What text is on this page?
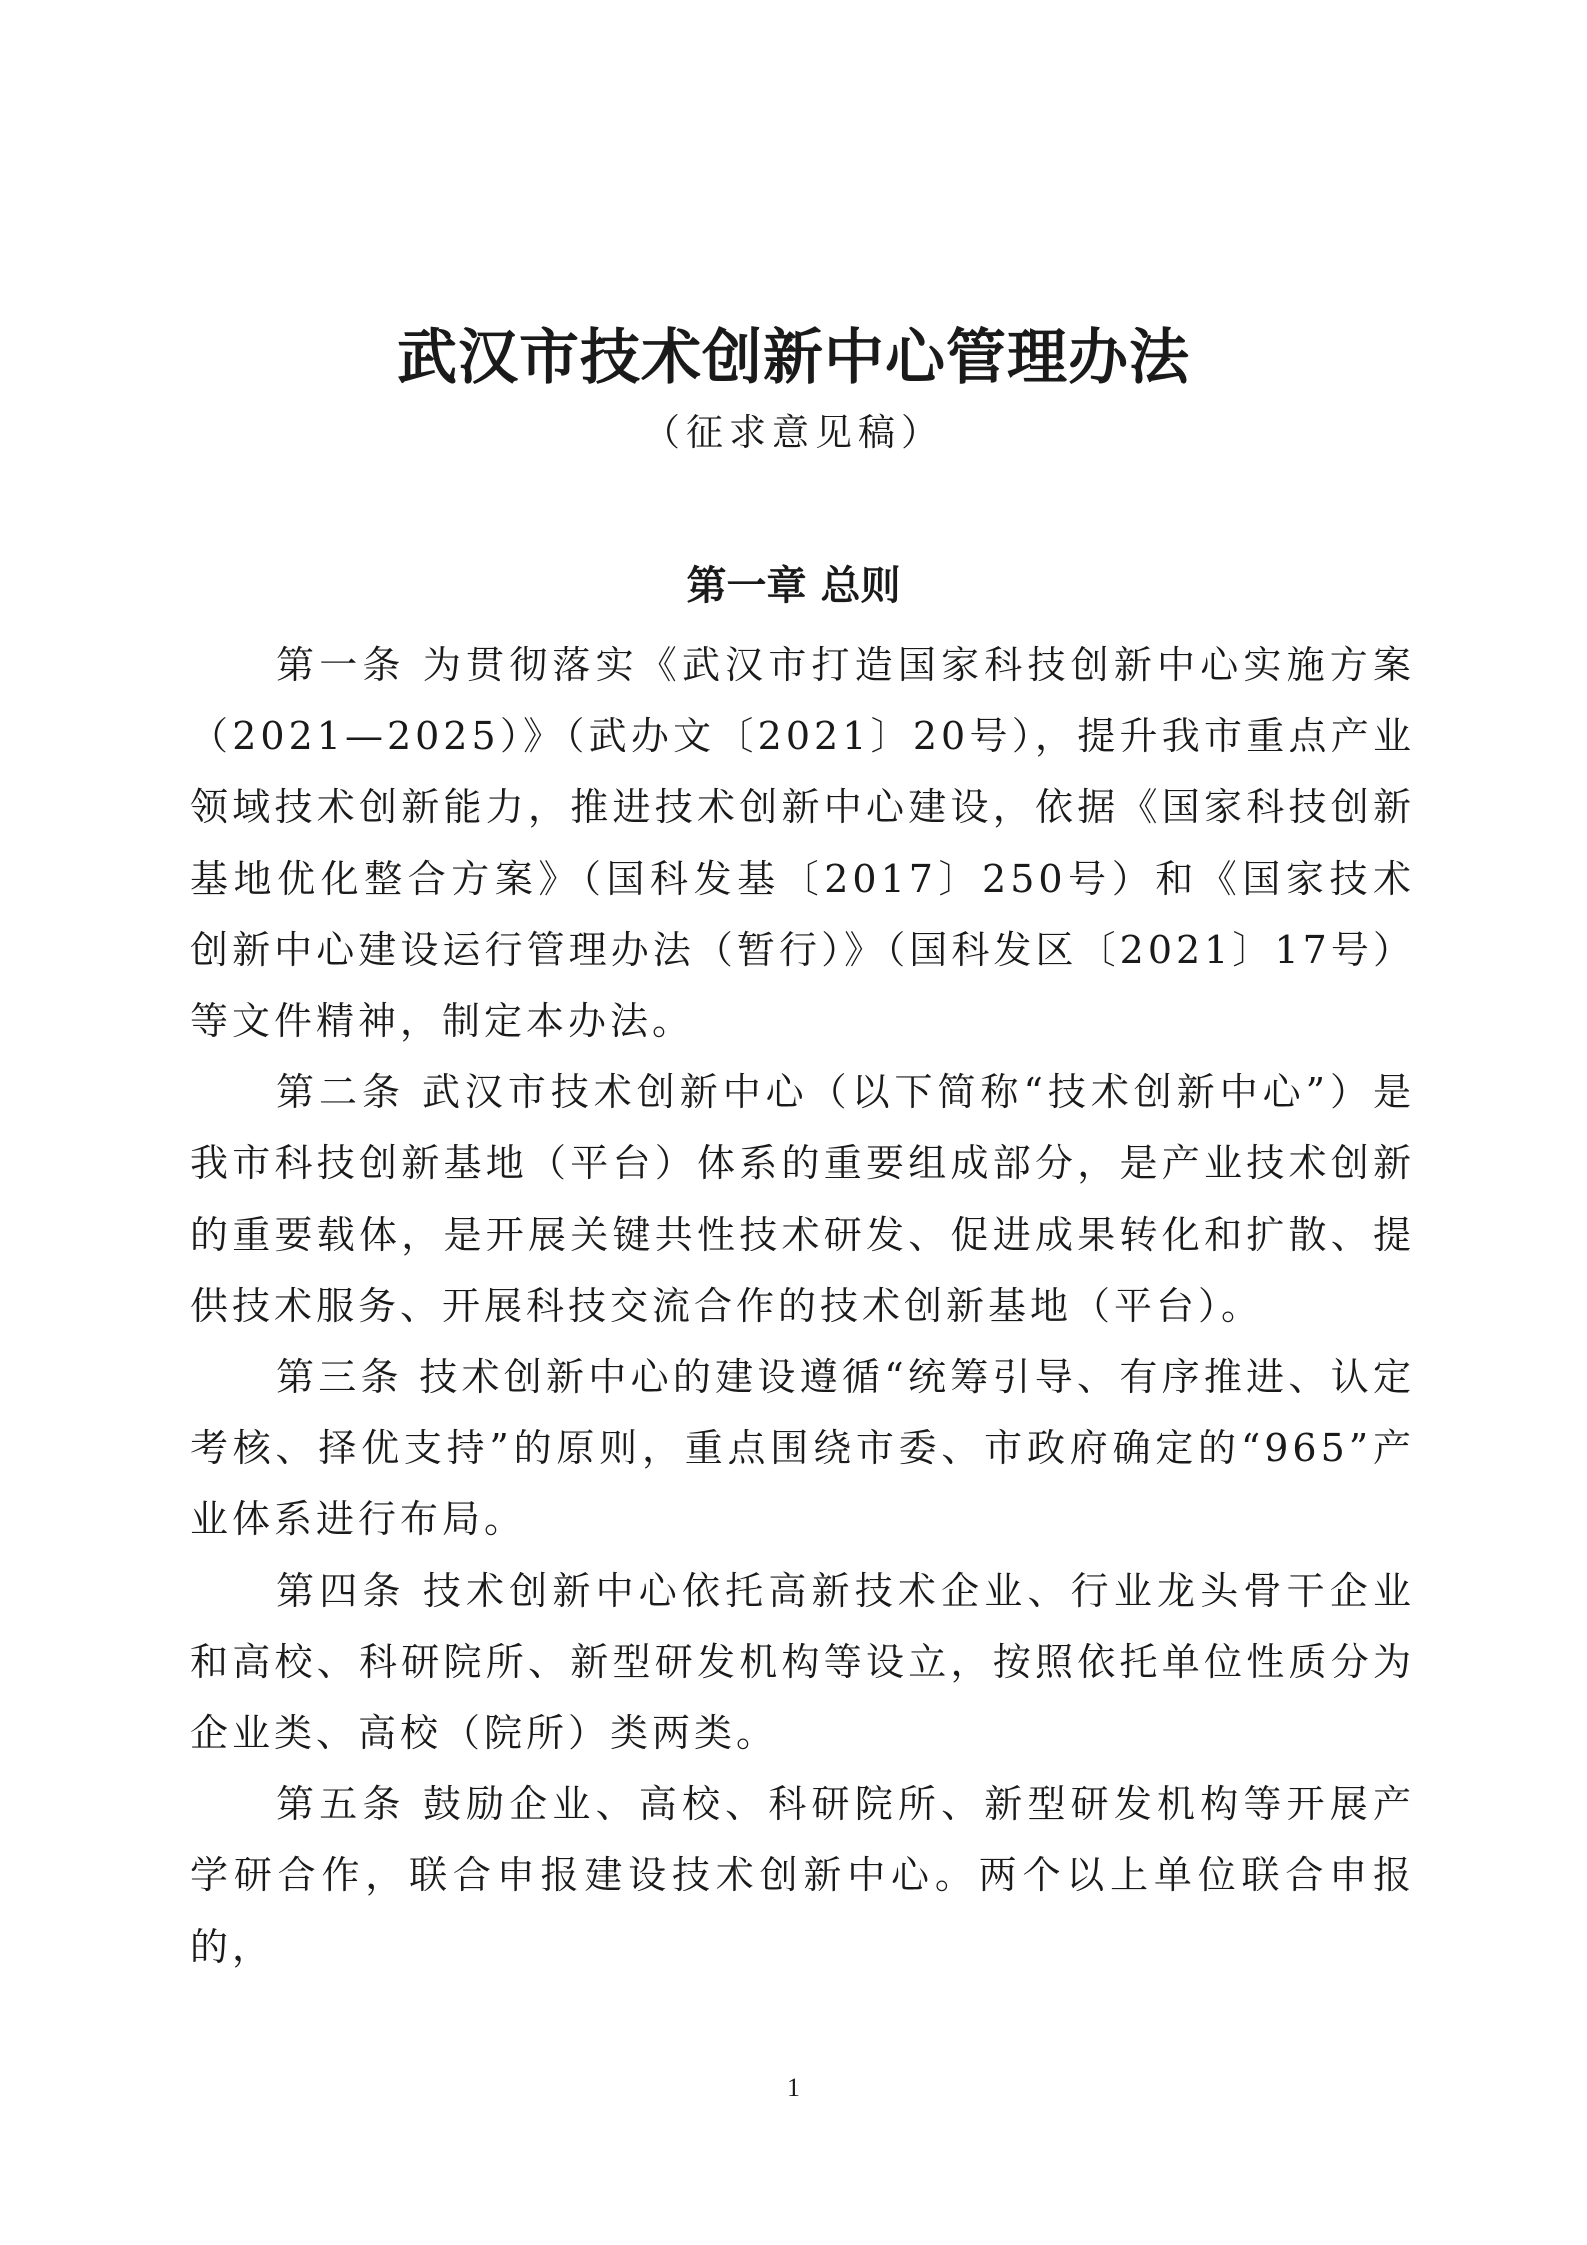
武汉市技术创新中心管理办法

（征求意见稿）

第一章 总则

第一条 为贯彻落实《武汉市打造国家科技创新中心实施方案（2021—2025）》（武办文〔2021〕20号），提升我市重点产业领域技术创新能力，推进技术创新中心建设，依据《国家科技创新基地优化整合方案》（国科发基〔2017〕250号）和《国家技术创新中心建设运行管理办法（暂行）》（国科发区〔2021〕17号）等文件精神，制定本办法。

第二条 武汉市技术创新中心（以下简称“技术创新中心”）是我市科技创新基地（平台）体系的重要组成部分，是产业技术创新的重要载体，是开展关键共性技术研发、促进成果转化和扩散、提供技术服务、开展科技交流合作的技术创新基地（平台）。

第三条 技术创新中心的建设遵循“统筹引导、有序推进、认定考核、择优支持”的原则，重点围绕市委、市政府确定的“965”产业体系进行布局。

第四条 技术创新中心依托高新技术企业、行业龙头骨干企业和高校、科研院所、新型研发机构等设立，按照依托单位性质分为企业类、高校（院所）类两类。

第五条 鼓励企业、高校、科研院所、新型研发机构等开展产学研合作，联合申报建设技术创新中心。两个以上单位联合申报的，

1
